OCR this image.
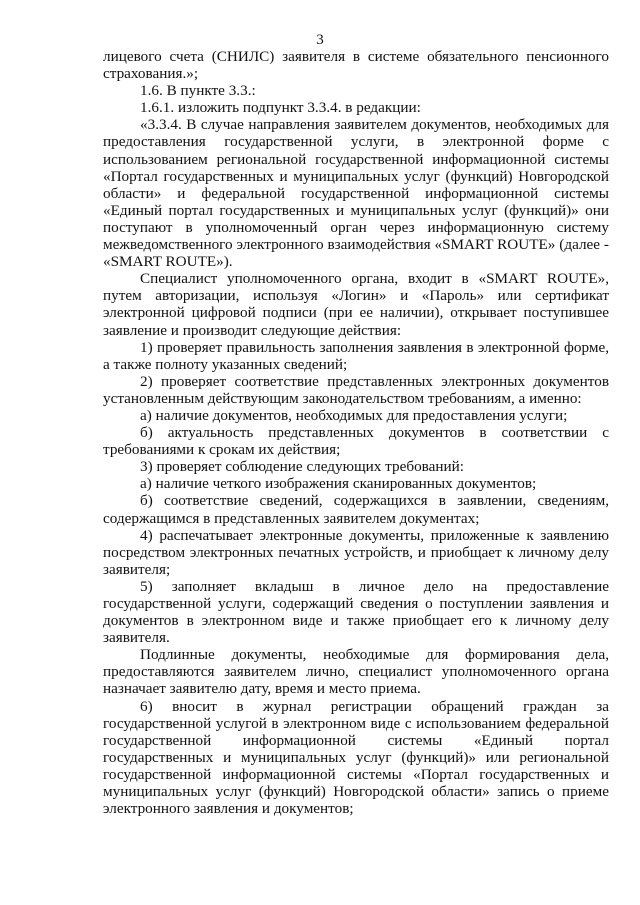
3

лицевого счета (СНИЛС) заявителя в системе обязательного пенсионного страхования.»;

1.6. В пункте 3.3.:

1.6.1. изложить подпункт 3.3.4. в редакции:

«3.3.4. В случае направления заявителем документов, необходимых для предоставления государственной услуги, в электронной форме с использованием региональной государственной информационной системы «Портал государственных и муниципальных услуг (функций) Новгородской области» и федеральной государственной информационной системы «Единый портал государственных и муниципальных услуг (функций)» они поступают в уполномоченный орган через информационную систему межведомственного электронного взаимодействия «SMART ROUTE» (далее - «SMART ROUTE»).

Специалист уполномоченного органа, входит в «SMART ROUTE», путем авторизации, используя «Логин» и «Пароль» или сертификат электронной цифровой подписи (при ее наличии), открывает поступившее заявление и производит следующие действия:

1) проверяет правильность заполнения заявления в электронной форме, а также полноту указанных сведений;

2) проверяет соответствие представленных электронных документов установленным действующим законодательством требованиям, а именно:

а) наличие документов, необходимых для предоставления услуги;

б) актуальность представленных документов в соответствии с требованиями к срокам их действия;

3) проверяет соблюдение следующих требований:

а) наличие четкого изображения сканированных документов;

б) соответствие сведений, содержащихся в заявлении, сведениям, содержащимся в представленных заявителем документах;

4) распечатывает электронные документы, приложенные к заявлению посредством электронных печатных устройств, и приобщает к личному делу заявителя;

5) заполняет вкладыш в личное дело на предоставление государственной услуги, содержащий сведения о поступлении заявления и документов в электронном виде и также приобщает его к личному делу заявителя.

Подлинные документы, необходимые для формирования дела, предоставляются заявителем лично, специалист уполномоченного органа назначает заявителю дату, время и место приема.

6) вносит в журнал регистрации обращений граждан за государственной услугой в электронном виде с использованием федеральной государственной информационной системы «Единый портал государственных и муниципальных услуг (функций)» или региональной государственной информационной системы «Портал государственных и муниципальных услуг (функций) Новгородской области» запись о приеме электронного заявления и документов;
